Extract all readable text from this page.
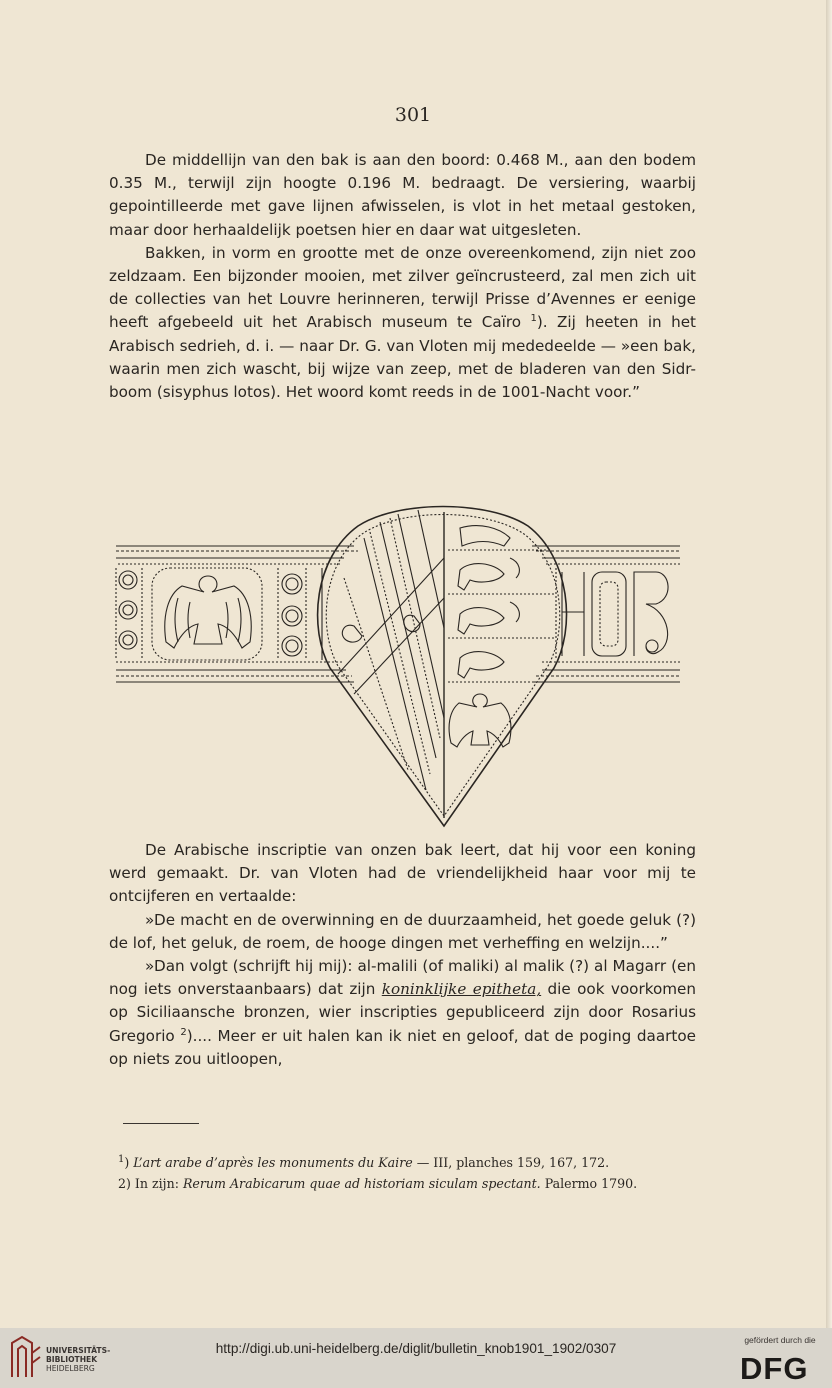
301

De middellijn van den bak is aan den boord: 0.468 M., aan den bodem 0.35 M., terwijl zijn hoogte 0.196 M. bedraagt. De versiering, waarbij gepointilleerde met gave lijnen afwisselen, is vlot in het metaal gestoken, maar door herhaaldelijk poetsen hier en daar wat uitgesleten.

Bakken, in vorm en grootte met de onze overeenkomend, zijn niet zoo zeldzaam. Een bijzonder mooien, met zilver geïncrusteerd, zal men zich uit de collecties van het Louvre herinneren, terwijl Prisse d’Avennes er eenige heeft afgebeeld uit het Arabisch museum te Caïro $^1$). Zij heeten in het Arabisch sedrieh, d. i. — naar Dr. G. van Vloten mij mededeelde — »een bak, waarin men zich wascht, bij wijze van zeep, met de bladeren van den Sidr-boom (sisyphus lotos). Het woord komt reeds in de 1001-Nacht voor.”

De Arabische inscriptie van onzen bak leert, dat hij voor een koning werd gemaakt. Dr. van Vloten had de vriendelijkheid haar voor mij te ontcijferen en vertaalde:

»De macht en de overwinning en de duurzaamheid, het goede geluk (?) de lof, het geluk, de roem, de hooge dingen met verheffing en welzijn....”

»Dan volgt (schrijft hij mij): al-malili (of maliki) al malik (?) al Magarr (en nog iets onverstaanbaars) dat zijn koninklijke epitheta, die ook voorkomen op Siciliaansche bronzen, wier inscripties gepubliceerd zijn door Rosarius Gregorio $^2$).... Meer er uit halen kan ik niet en geloof, dat de poging daartoe op niets zou uitloopen,

$^1$) L’art arabe d’après les monuments du Kaire — III, planches 159, 167, 172.
2) In zijn: Rerum Arabicarum quae ad historiam siculam spectant. Palermo 1790.
UNIVERSITÄTS-
BIBLIOTHEK
HEIDELBERG
http://digi.ub.uni-heidelberg.de/diglit/bulletin_knob1901_1902/0307
gefördert durch die
DFG
